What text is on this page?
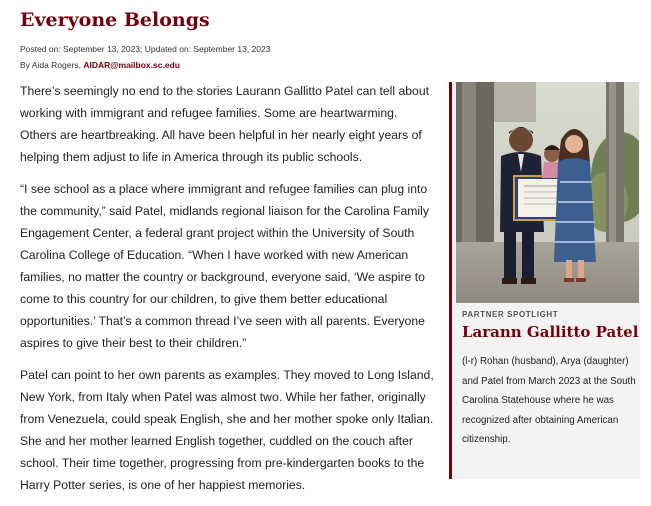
Everyone Belongs
Posted on: September 13, 2023; Updated on: September 13, 2023
By Aida Rogers, AIDAR@mailbox.sc.edu

There’s seemingly no end to the stories Laurann Gallitto Patel can tell about working with immigrant and refugee families. Some are heartwarming. Others are heartbreaking. All have been helpful in her nearly eight years of helping them adjust to life in America through its public schools.

“I see school as a place where immigrant and refugee families can plug into the community,” said Patel, midlands regional liaison for the Carolina Family Engagement Center, a federal grant project within the University of South Carolina College of Education. “When I have worked with new American families, no matter the country or background, everyone said, ‘We aspire to come to this country for our children, to give them better educational opportunities.’ That’s a common thread I’ve seen with all parents. Everyone aspires to give their best to their children.”

Patel can point to her own parents as examples. They moved to Long Island, New York, from Italy when Patel was almost two. While her father, originally from Venezuela, could speak English, she and her mother spoke only Italian. She and her mother learned English together, cuddled on the couch after school. Their time together, progressing from pre-kindergarten books to the Harry Potter series, is one of her happiest memories.

PARTNER SPOTLIGHT
Larann Gallitto Patel

(l-r) Rohan (husband), Arya (daughter) and Patel from March 2023 at the South Carolina Statehouse where he was recognized after obtaining American citizenship.
